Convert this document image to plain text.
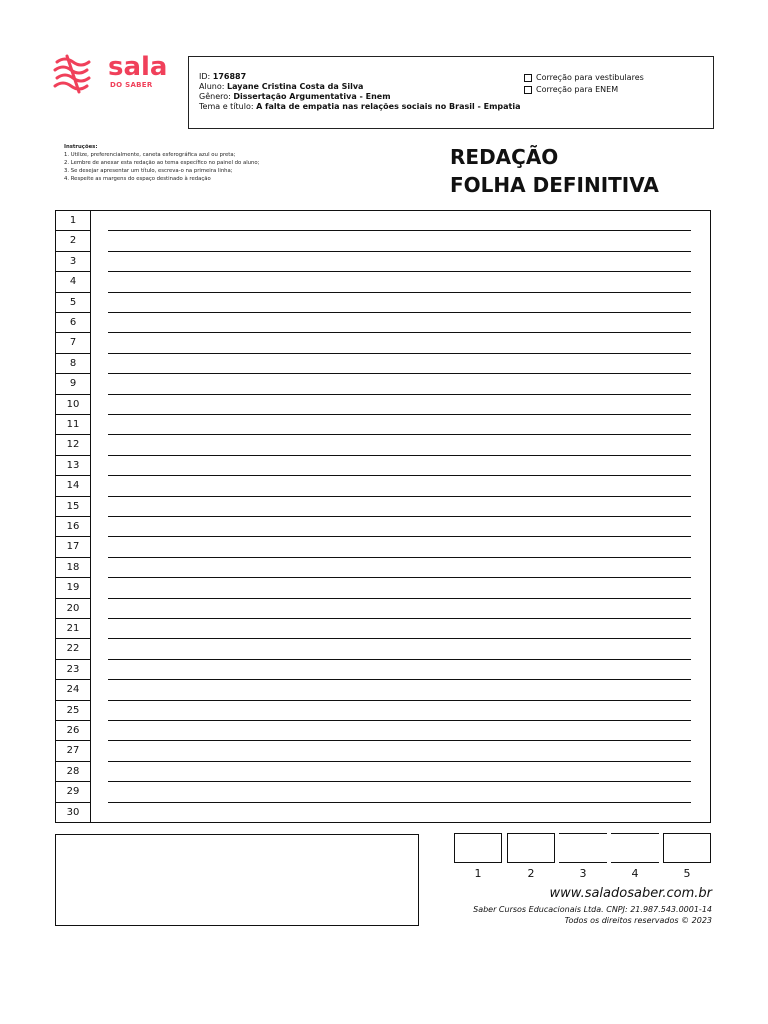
sala
DO SABER
ID: 176887
Aluno: Layane Cristina Costa da Silva
Gênero: Dissertação Argumentativa - Enem
Tema e título: A falta de empatia nas relações sociais no Brasil - Empatia
Correção para vestibulares
Correção para ENEM
Instruções:
1. Utilize, preferencialmente, caneta esferográfica azul ou preta;
2. Lembre de anexar esta redação ao tema específico no painel do aluno;
3. Se desejar apresentar um título, escreva-o na primeira linha;
4. Respeite as margens do espaço destinado à redação
REDAÇÃO
FOLHA DEFINITIVA
1
2
3
4
5
6
7
8
9
10
11
12
13
14
15
16
17
18
19
20
21
22
23
24
25
26
27
28
29
30
1	2	3	4	5
www.saladosaber.com.br
Saber Cursos Educacionais Ltda. CNPJ: 21.987.543.0001-14
Todos os direitos reservados © 2023
